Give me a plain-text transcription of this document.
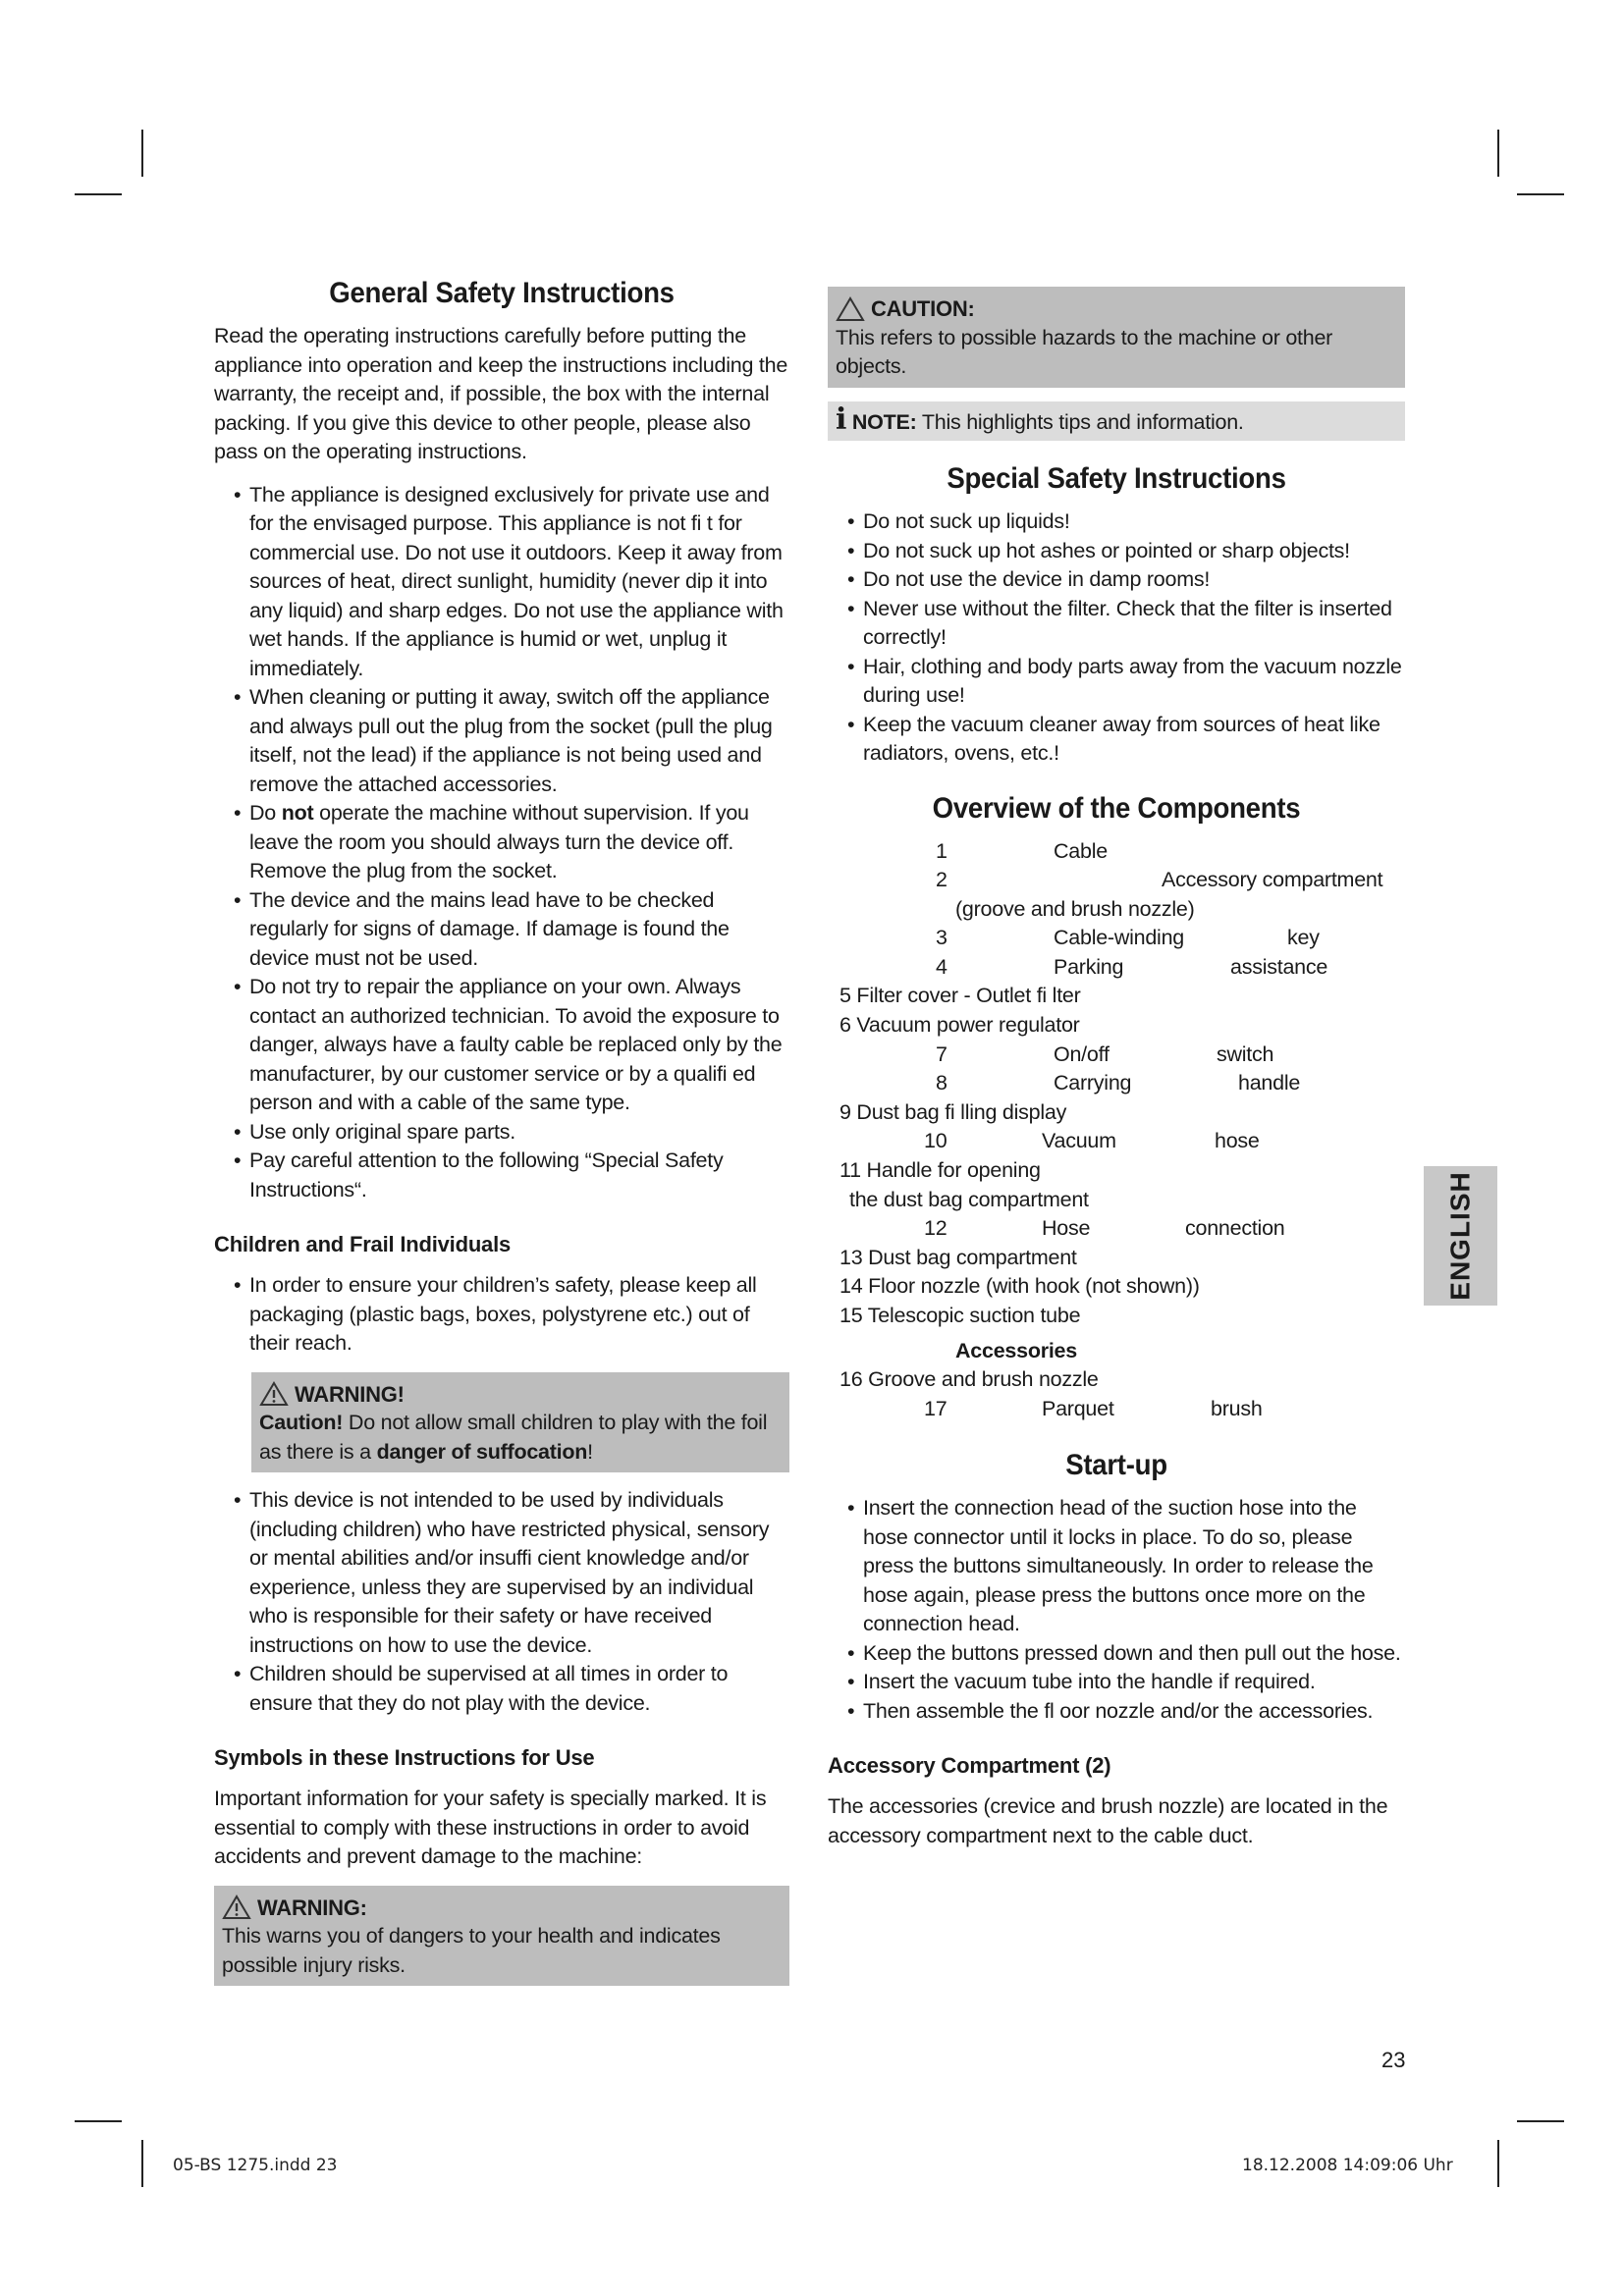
General Safety Instructions

Read the operating instructions carefully before putting the appliance into operation and keep the instructions including the warranty, the receipt and, if possible, the box with the internal packing. If you give this device to other people, please also pass on the operating instructions.

• The appliance is designed exclusively for private use and for the envisaged purpose. This appliance is not fi t for commercial use. Do not use it outdoors. Keep it away from sources of heat, direct sunlight, humidity (never dip it into any liquid) and sharp edges. Do not use the appliance with wet hands. If the appliance is humid or wet, unplug it immediately.
• When cleaning or putting it away, switch off the appliance and always pull out the plug from the socket (pull the plug itself, not the lead) if the appliance is not being used and remove the attached accessories.
• Do not operate the machine without supervision. If you leave the room you should always turn the device off. Remove the plug from the socket.
• The device and the mains lead have to be checked regularly for signs of damage. If damage is found the device must not be used.
• Do not try to repair the appliance on your own. Always contact an authorized technician. To avoid the exposure to danger, always have a faulty cable be replaced only by the manufacturer, by our customer service or by a qualifi ed person and with a cable of the same type.
• Use only original spare parts.
• Pay careful attention to the following “Special Safety Instructions“.
Children and Frail Individuals
• In order to ensure your children’s safety, please keep all packaging (plastic bags, boxes, polystyrene etc.) out of their reach.
WARNING!
Caution! Do not allow small children to play with the foil as there is a danger of suffocation!
• This device is not intended to be used by individuals (including children) who have restricted physical, sensory or mental abilities and/or insuffi cient knowledge and/or experience, unless they are supervised by an individual who is responsible for their safety or have received instructions on how to use the device.
• Children should be supervised at all times in order to ensure that they do not play with the device.
Symbols in these Instructions for Use

Important information for your safety is specially marked. It is essential to comply with these instructions in order to avoid accidents and prevent damage to the machine:

WARNING:
This warns you of dangers to your health and indicates possible injury risks.
CAUTION:
This refers to possible hazards to the machine or other objects.
i NOTE: This highlights tips and information.
Special Safety Instructions
• Do not suck up liquids!
• Do not suck up hot ashes or pointed or sharp objects!
• Do not use the device in damp rooms!
• Never use without the filter. Check that the filter is inserted correctly!
• Hair, clothing and body parts away from the vacuum nozzle during use!
• Keep the vacuum cleaner away from sources of heat like radiators, ovens, etc.!
Overview of the Components
1	Cable
2	Accessory compartment
(groove and brush nozzle)
3	Cable-winding	key
4	Parking	assistance
5 Filter cover - Outlet fi lter
6 Vacuum power regulator
7	On/off	switch
8	Carrying	handle
9 Dust bag fi lling display
10	Vacuum	hose
11 Handle for opening
the dust bag compartment
12	Hose	connection
13 Dust bag compartment
14 Floor nozzle (with hook (not shown))
15 Telescopic suction tube
Accessories
16 Groove and brush nozzle
17	Parquet	brush
Start-up
• Insert the connection head of the suction hose into the hose connector until it locks in place. To do so, please press the buttons simultaneously. In order to release the hose again, please press the buttons once more on the connection head.
• Keep the buttons pressed down and then pull out the hose.
• Insert the vacuum tube into the handle if required.
• Then assemble the fl oor nozzle and/or the accessories.
Accessory Compartment (2)

The accessories (crevice and brush nozzle) are located in the accessory compartment next to the cable duct.

ENGLISH
23
05-BS 1275.indd 23	18.12.2008 14:09:06 Uhr
